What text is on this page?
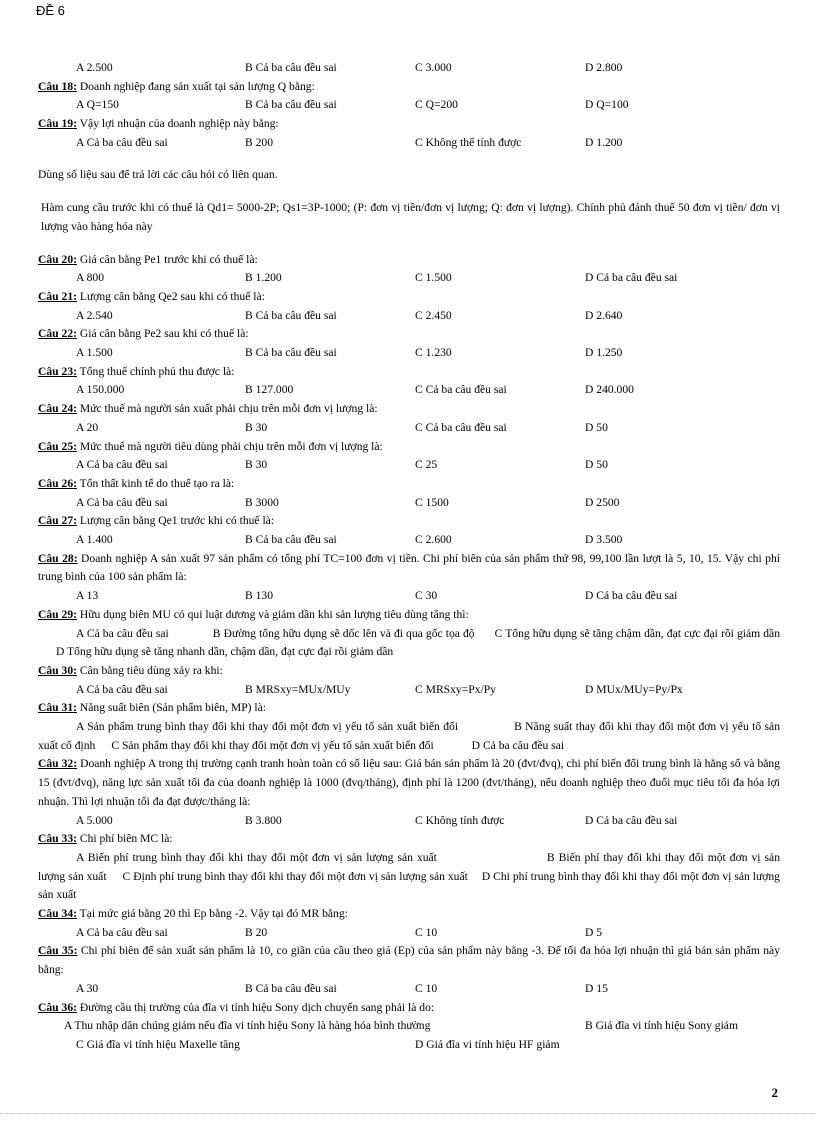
ĐỀ 6
A 2.500	B Cả ba câu đều sai	C 3.000	D 2.800
Câu 18: Doanh nghiệp đang sản xuất tại sản lượng Q bằng:
A Q=150	B Cả ba câu đều sai	C Q=200	D Q=100
Câu 19: Vậy lợi nhuận của doanh nghiệp này bằng:
A Cả ba câu đều sai	B 200	C Không thể tính được	D 1.200
Dùng số liệu sau để trả lời các câu hỏi có liên quan.
Hàm cung cầu trước khi có thuế là Qd1= 5000-2P; Qs1=3P-1000; (P: đơn vị tiền/đơn vị lượng; Q: đơn vị lượng). Chính phủ đánh thuế 50 đơn vị tiền/ đơn vị lượng vào hàng hóa này
Câu 20: Giá cân bằng Pe1 trước khi có thuế là:
A 800	B 1.200	C 1.500	D Cả ba câu đều sai
Câu 21: Lượng cân bằng Qe2 sau khi có thuế là:
A 2.540	B Cả ba câu đều sai	C 2.450	D 2.640
Câu 22: Giá cân bằng Pe2 sau khi có thuế là:
A 1.500	B Cả ba câu đều sai	C 1.230	D 1.250
Câu 23: Tổng thuế chính phủ thu được là:
A 150.000	B 127.000	C Cả ba câu đều sai	D 240.000
Câu 24: Mức thuế mà người sản xuất phải chịu trên mỗi đơn vị lượng là:
A 20	B 30	C Cả ba câu đều sai	D 50
Câu 25: Mức thuế mà người tiêu dùng phải chịu trên mỗi đơn vị lượng là:
A Cả ba câu đều sai	B 30	C 25	D 50
Câu 26: Tổn thất kinh tế do thuế tạo ra là:
A Cả ba câu đều sai	B 3000	C 1500	D 2500
Câu 27: Lượng cân bằng Qe1 trước khi có thuế là:
A 1.400	B Cả ba câu đều sai	C 2.600	D 3.500
Câu 28: Doanh nghiệp A sản xuất 97 sản phẩm có tổng phí TC=100 đơn vị tiền. Chi phí biên của sản phẩm thứ 98, 99,100 lần lượt là 5, 10, 15. Vậy chi phí trung bình của 100 sản phẩm là:
A 13	B 130	C 30	D Cả ba câu đều sai
Câu 29: Hữu dụng biên MU có qui luật dương và giảm dần khi sản lượng tiêu dùng tăng thì:
A Cả ba câu đều sai	B Đường tổng hữu dụng sẽ dốc lên và đi qua gốc tọa độ C Tổng hữu dụng sẽ tăng chậm dần, đạt cực đại rồi giảm dầnD Tổng hữu dụng sẽ tăng nhanh dần, chậm dần, đạt cực đại rồi giảm dần
Câu 30: Cân bằng tiêu dùng xảy ra khi:
A Cả ba câu đều sai	B MRSxy=MUx/MUy	C MRSxy=Px/Py	D MUx/MUy=Py/Px
Câu 31: Năng suất biên (Sản phẩm biên, MP) là:
A Sản phẩm trung bình thay đổi khi thay đổi một đơn vị yếu tố sản xuất biến đổi	B Năng suất thay đổi khi thay đổi một đơn vị yếu tố sản xuất cố định C Sản phẩm thay đổi khi thay đổi một đơn vị yếu tố sản xuất biến đổi	D Cả ba câu đều sai
Câu 32: Doanh nghiệp A trong thị trường cạnh tranh hoàn toàn có số liệu sau: Giá bán sản phẩm là 20 (đvt/đvq), chi phí biến đổi trung bình là hằng số và bằng 15 (đvt/đvq), năng lực sản xuất tối đa của doanh nghiệp là 1000 (đvq/tháng), định phí là 1200 (đvt/tháng), nếu doanh nghiệp theo đuổi mục tiêu tối đa hóa lợi nhuận. Thì lợi nhuận tối đa đạt được/tháng là:
A 5.000	B 3.800	C Không tính được	D Cả ba câu đều sai
Câu 33: Chi phí biên MC là:
A Biến phí trung bình thay đổi khi thay đổi một đơn vị sản lượng sản xuất	B Biến phí thay đổi khi thay đổi một đơn vị sản lượng sản xuất C Định phí trung bình thay đổi khi thay đổi một đơn vị sản lượng sản xuất D Chi phí trung bình thay đổi khi thay đổi một đơn vị sản lượng sản xuất
Câu 34: Tại mức giá bằng 20 thì Ep bằng -2. Vậy tại đó MR bằng:
A Cả ba câu đều sai	B 20	C 10	D 5
Câu 35: Chi phí biên để sản xuất sản phẩm là 10, co giãn của cầu theo giá (Ep) của sản phẩm này bằng -3. Để tối đa hóa lợi nhuận thì giá bán sản phẩm này bằng:
A 30	B Cả ba câu đều sai	C 10	D 15
Câu 36: Đường cầu thị trường của đĩa vi tính hiệu Sony dịch chuyển sang phải là do:
A Thu nhập dân chúng giảm nếu đĩa vi tính hiệu Sony là hàng hóa bình thường	B Giá đĩa vi tính hiệu Sony giảm
C Giá đĩa vi tính hiệu Maxelle tăng	D Giá đĩa vi tính hiệu HF giảm
2
